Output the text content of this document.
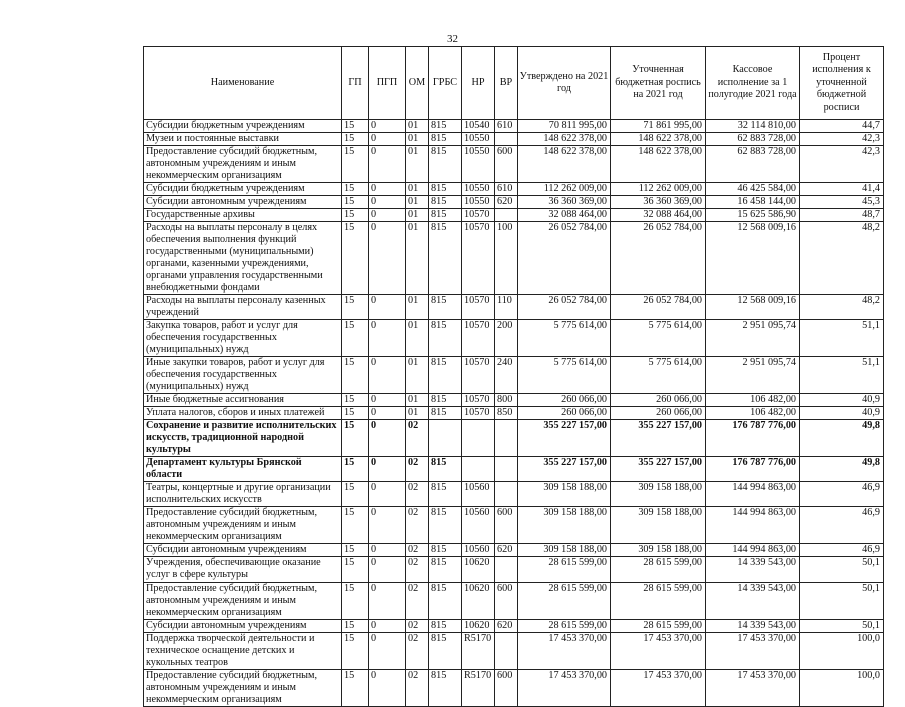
32
Наименование	ГП	ПГП	ОМ	ГРБС	НР	ВР	Утверждено на 2021 год	Уточненная бюджетная роспись на 2021 год	Кассовое исполнение за 1 полугодие 2021 года	Процент исполнения к уточненной бюджетной росписи
Субсидии бюджетным учреждениям	15	0	01	815	10540	610	70 811 995,00	71 861 995,00	32 114 810,00	44,7
Музеи и постоянные выставки	15	0	01	815	10550		148 622 378,00	148 622 378,00	62 883 728,00	42,3
Предоставление субсидий бюджетным, автономным учреждениям и иным некоммерческим организациям	15	0	01	815	10550	600	148 622 378,00	148 622 378,00	62 883 728,00	42,3
Субсидии бюджетным учреждениям	15	0	01	815	10550	610	112 262 009,00	112 262 009,00	46 425 584,00	41,4
Субсидии автономным учреждениям	15	0	01	815	10550	620	36 360 369,00	36 360 369,00	16 458 144,00	45,3
Государственные архивы	15	0	01	815	10570		32 088 464,00	32 088 464,00	15 625 586,90	48,7
Расходы на выплаты персоналу в целях обеспечения выполнения функций государственными (муниципальными) органами, казенными учреждениями, органами управления государственными внебюджетными фондами	15	0	01	815	10570	100	26 052 784,00	26 052 784,00	12 568 009,16	48,2
Расходы на выплаты персоналу казенных учреждений	15	0	01	815	10570	110	26 052 784,00	26 052 784,00	12 568 009,16	48,2
Закупка товаров, работ и услуг для обеспечения государственных (муниципальных) нужд	15	0	01	815	10570	200	5 775 614,00	5 775 614,00	2 951 095,74	51,1
Иные закупки товаров, работ и услуг для обеспечения государственных (муниципальных) нужд	15	0	01	815	10570	240	5 775 614,00	5 775 614,00	2 951 095,74	51,1
Иные бюджетные ассигнования	15	0	01	815	10570	800	260 066,00	260 066,00	106 482,00	40,9
Уплата налогов, сборов и иных платежей	15	0	01	815	10570	850	260 066,00	260 066,00	106 482,00	40,9
Сохранение и развитие исполнительских искусств, традиционной народной культуры	15	0	02				355 227 157,00	355 227 157,00	176 787 776,00	49,8
Департамент культуры Брянской области	15	0	02	815			355 227 157,00	355 227 157,00	176 787 776,00	49,8
Театры, концертные и другие организации исполнительских искусств	15	0	02	815	10560		309 158 188,00	309 158 188,00	144 994 863,00	46,9
Предоставление субсидий бюджетным, автономным учреждениям и иным некоммерческим организациям	15	0	02	815	10560	600	309 158 188,00	309 158 188,00	144 994 863,00	46,9
Субсидии автономным учреждениям	15	0	02	815	10560	620	309 158 188,00	309 158 188,00	144 994 863,00	46,9
Учреждения, обеспечивающие оказание услуг в сфере культуры	15	0	02	815	10620		28 615 599,00	28 615 599,00	14 339 543,00	50,1
Предоставление субсидий бюджетным, автономным учреждениям и иным некоммерческим организациям	15	0	02	815	10620	600	28 615 599,00	28 615 599,00	14 339 543,00	50,1
Субсидии автономным учреждениям	15	0	02	815	10620	620	28 615 599,00	28 615 599,00	14 339 543,00	50,1
Поддержка творческой деятельности и техническое оснащение детских и кукольных театров	15	0	02	815	R5170		17 453 370,00	17 453 370,00	17 453 370,00	100,0
Предоставление субсидий бюджетным, автономным учреждениям и иным некоммерческим организациям	15	0	02	815	R5170	600	17 453 370,00	17 453 370,00	17 453 370,00	100,0
